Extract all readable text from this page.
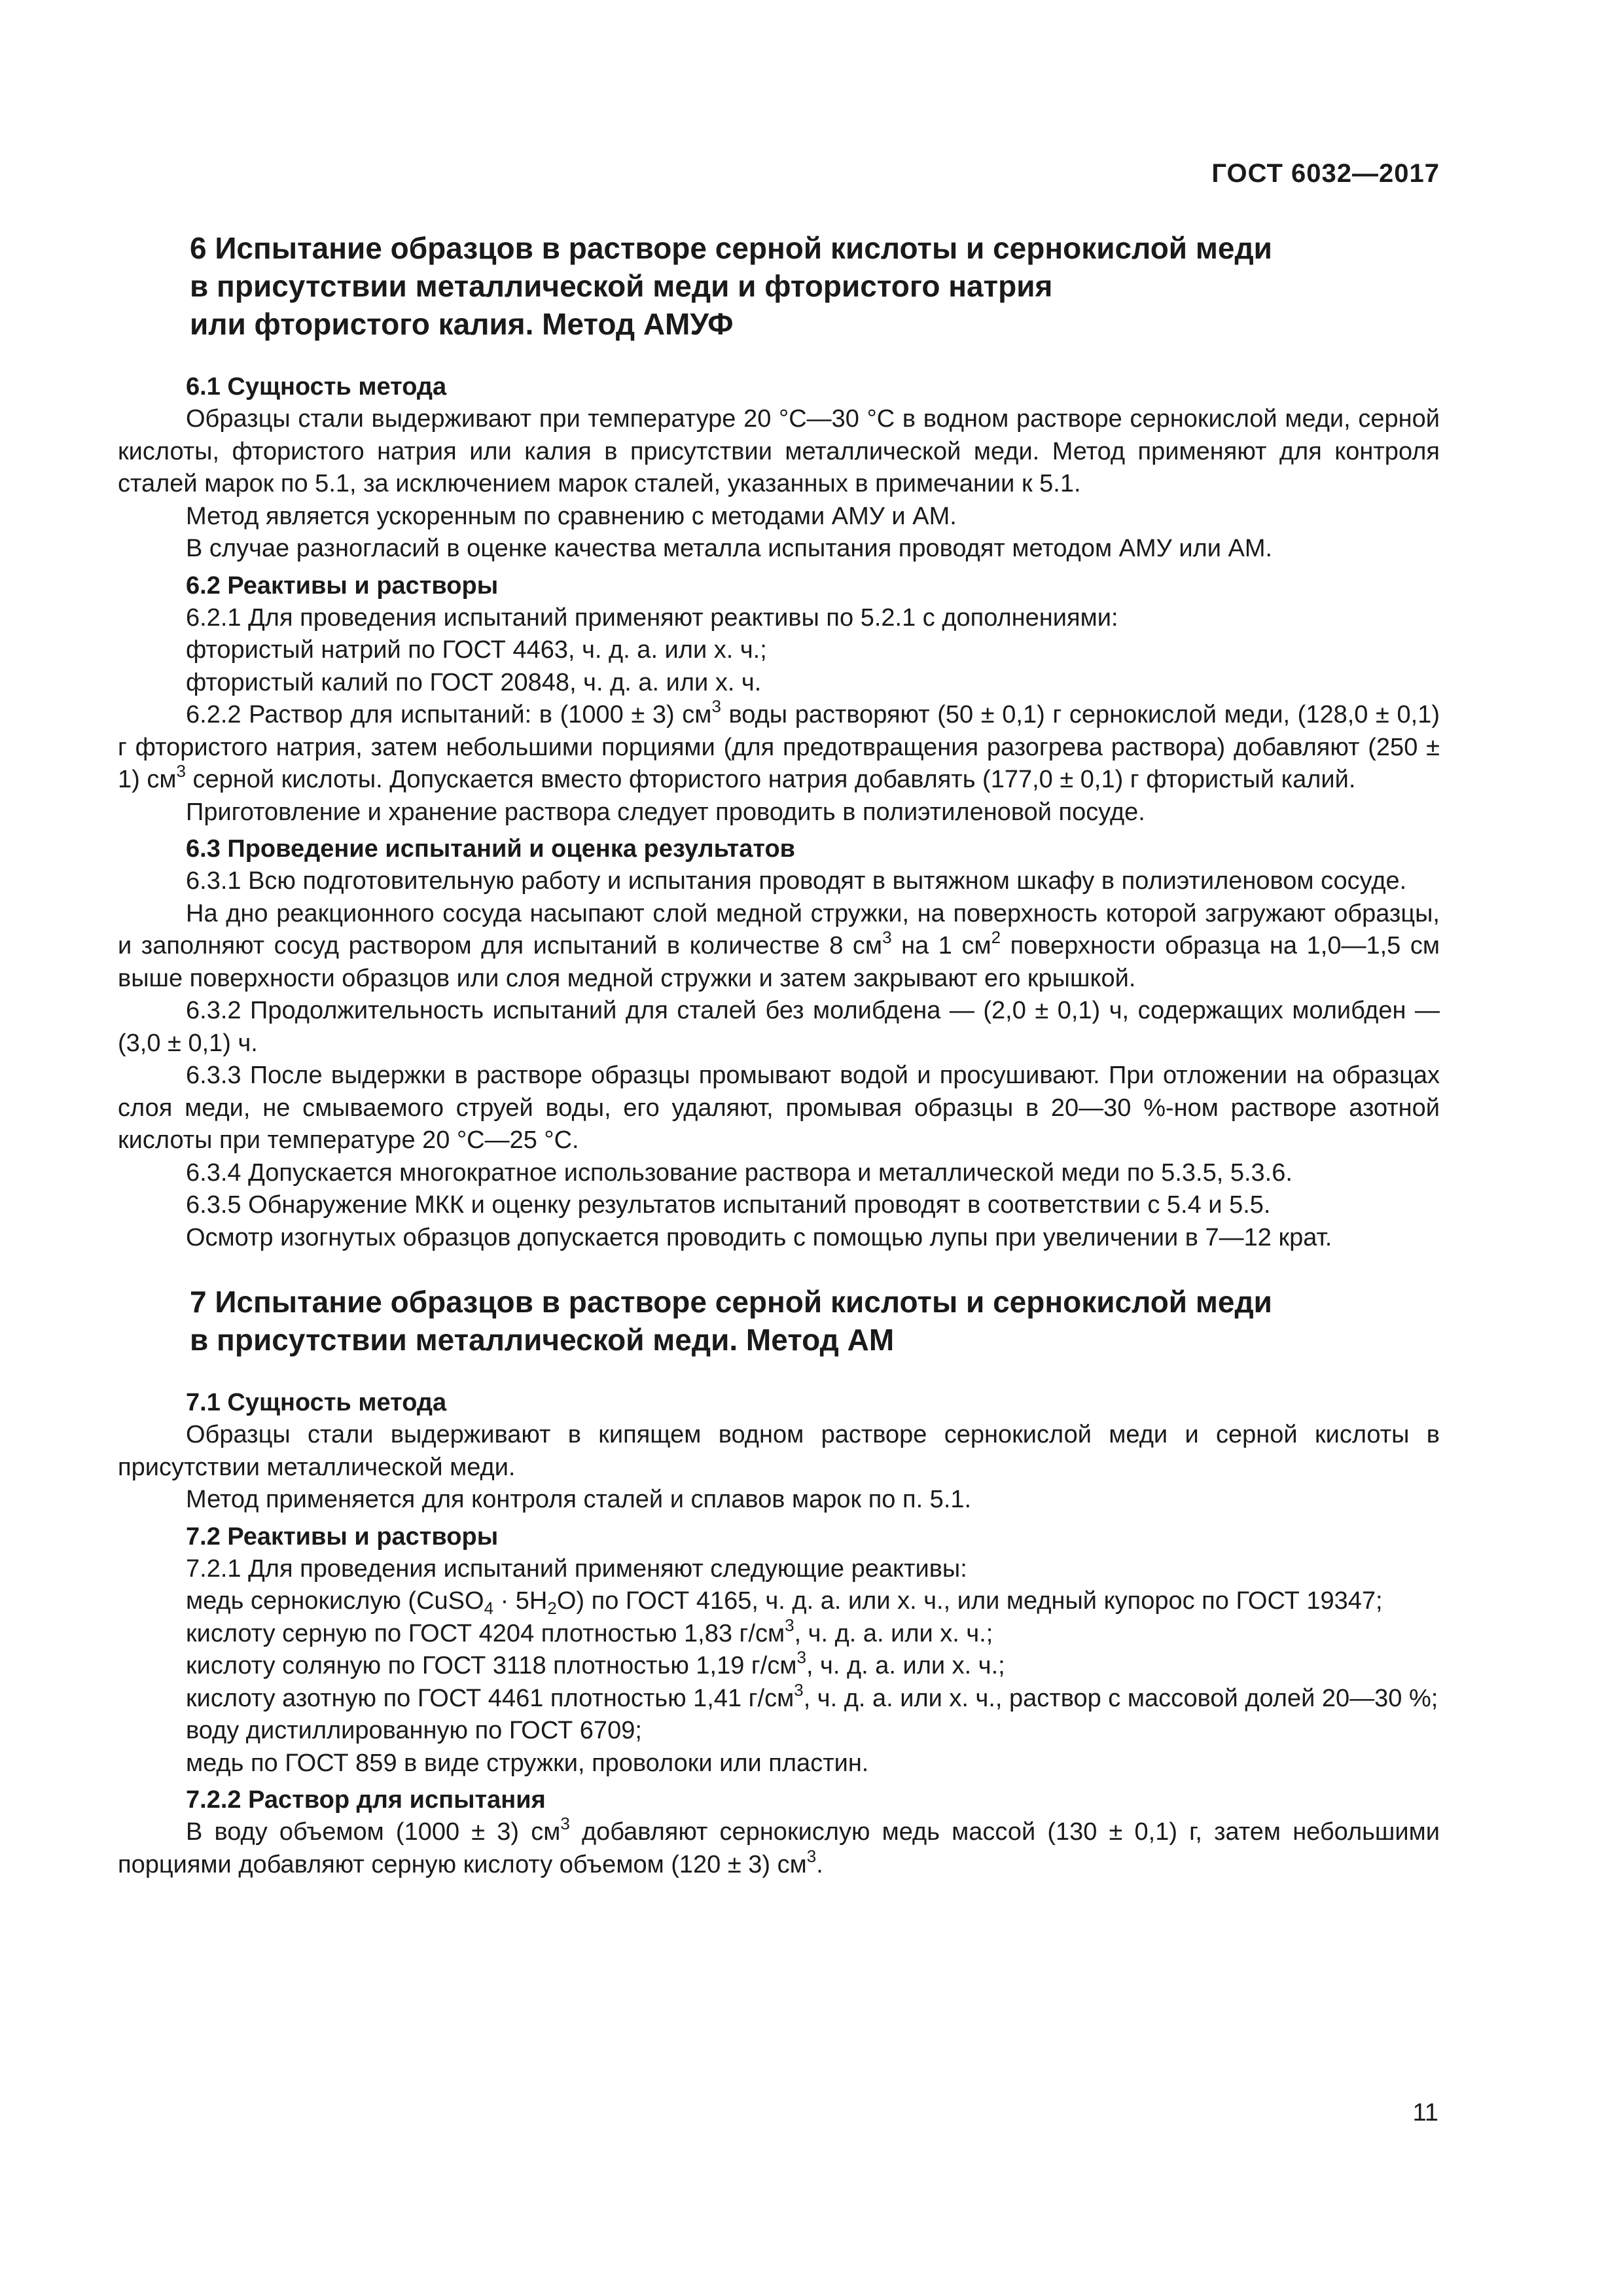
ГОСТ 6032—2017
6 Испытание образцов в растворе серной кислоты и сернокислой меди
в присутствии металлической меди и фтористого натрия
или фтористого калия. Метод АМУФ
6.1 Сущность метода

Образцы стали выдерживают при температуре 20 °С—30 °С в водном растворе сернокислой меди, серной кислоты, фтористого натрия или калия в присутствии металлической меди. Метод применяют для контроля сталей марок по 5.1, за исключением марок сталей, указанных в примечании к 5.1.

Метод является ускоренным по сравнению с методами АМУ и АМ.

В случае разногласий в оценке качества металла испытания проводят методом АМУ или АМ.

6.2 Реактивы и растворы

6.2.1 Для проведения испытаний применяют реактивы по 5.2.1 с дополнениями:

фтористый натрий по ГОСТ 4463, ч. д. а. или х. ч.;

фтористый калий по ГОСТ 20848, ч. д. а. или х. ч.

6.2.2 Раствор для испытаний: в (1000 ± 3) $см^3$ воды растворяют (50 ± 0,1) г сернокислой меди, (128,0 ± 0,1) г фтористого натрия, затем небольшими порциями (для предотвращения разогрева раствора) добавляют (250 ± 1) $см^3$ серной кислоты. Допускается вместо фтористого натрия добавлять (177,0 ± 0,1) г фтористый калий.

Приготовление и хранение раствора следует проводить в полиэтиленовой посуде.

6.3 Проведение испытаний и оценка результатов

6.3.1 Всю подготовительную работу и испытания проводят в вытяжном шкафу в полиэтиленовом сосуде.

На дно реакционного сосуда насыпают слой медной стружки, на поверхность которой загружают образцы, и заполняют сосуд раствором для испытаний в количестве 8 $см^3$ на 1 $см^2$ поверхности образца на 1,0—1,5 см выше поверхности образцов или слоя медной стружки и затем закрывают его крышкой.

6.3.2 Продолжительность испытаний для сталей без молибдена — (2,0 ± 0,1) ч, содержащих молибден — (3,0 ± 0,1) ч.

6.3.3 После выдержки в растворе образцы промывают водой и просушивают. При отложении на образцах слоя меди, не смываемого струей воды, его удаляют, промывая образцы в 20—30 %-ном растворе азотной кислоты при температуре 20 °С—25 °С.

6.3.4 Допускается многократное использование раствора и металлической меди по 5.3.5, 5.3.6.

6.3.5 Обнаружение МКК и оценку результатов испытаний проводят в соответствии с 5.4 и 5.5.

Осмотр изогнутых образцов допускается проводить с помощью лупы при увеличении в 7—12 крат.

7 Испытание образцов в растворе серной кислоты и сернокислой меди
в присутствии металлической меди. Метод АМ
7.1 Сущность метода

Образцы стали выдерживают в кипящем водном растворе сернокислой меди и серной кислоты в присутствии металлической меди.

Метод применяется для контроля сталей и сплавов марок по п. 5.1.

7.2 Реактивы и растворы

7.2.1 Для проведения испытаний применяют следующие реактивы:

медь сернокислую (CuSO$_4$ · $5H_2O$) по ГОСТ 4165, ч. д. а. или х. ч., или медный купорос по ГОСТ 19347;

кислоту серную по ГОСТ 4204 плотностью 1,83 $г/см^3$, ч. д. а. или х. ч.;

кислоту соляную по ГОСТ 3118 плотностью 1,19 $г/см^3$, ч. д. а. или х. ч.;

кислоту азотную по ГОСТ 4461 плотностью 1,41 $г/см^3$, ч. д. а. или х. ч., раствор с массовой долей 20—30 %;

воду дистиллированную по ГОСТ 6709;

медь по ГОСТ 859 в виде стружки, проволоки или пластин.

7.2.2 Раствор для испытания

В воду объемом (1000 ± 3) $см^3$ добавляют сернокислую медь массой (130 ± 0,1) г, затем небольшими порциями добавляют серную кислоту объемом (120 ± 3) $см^3$.

11
